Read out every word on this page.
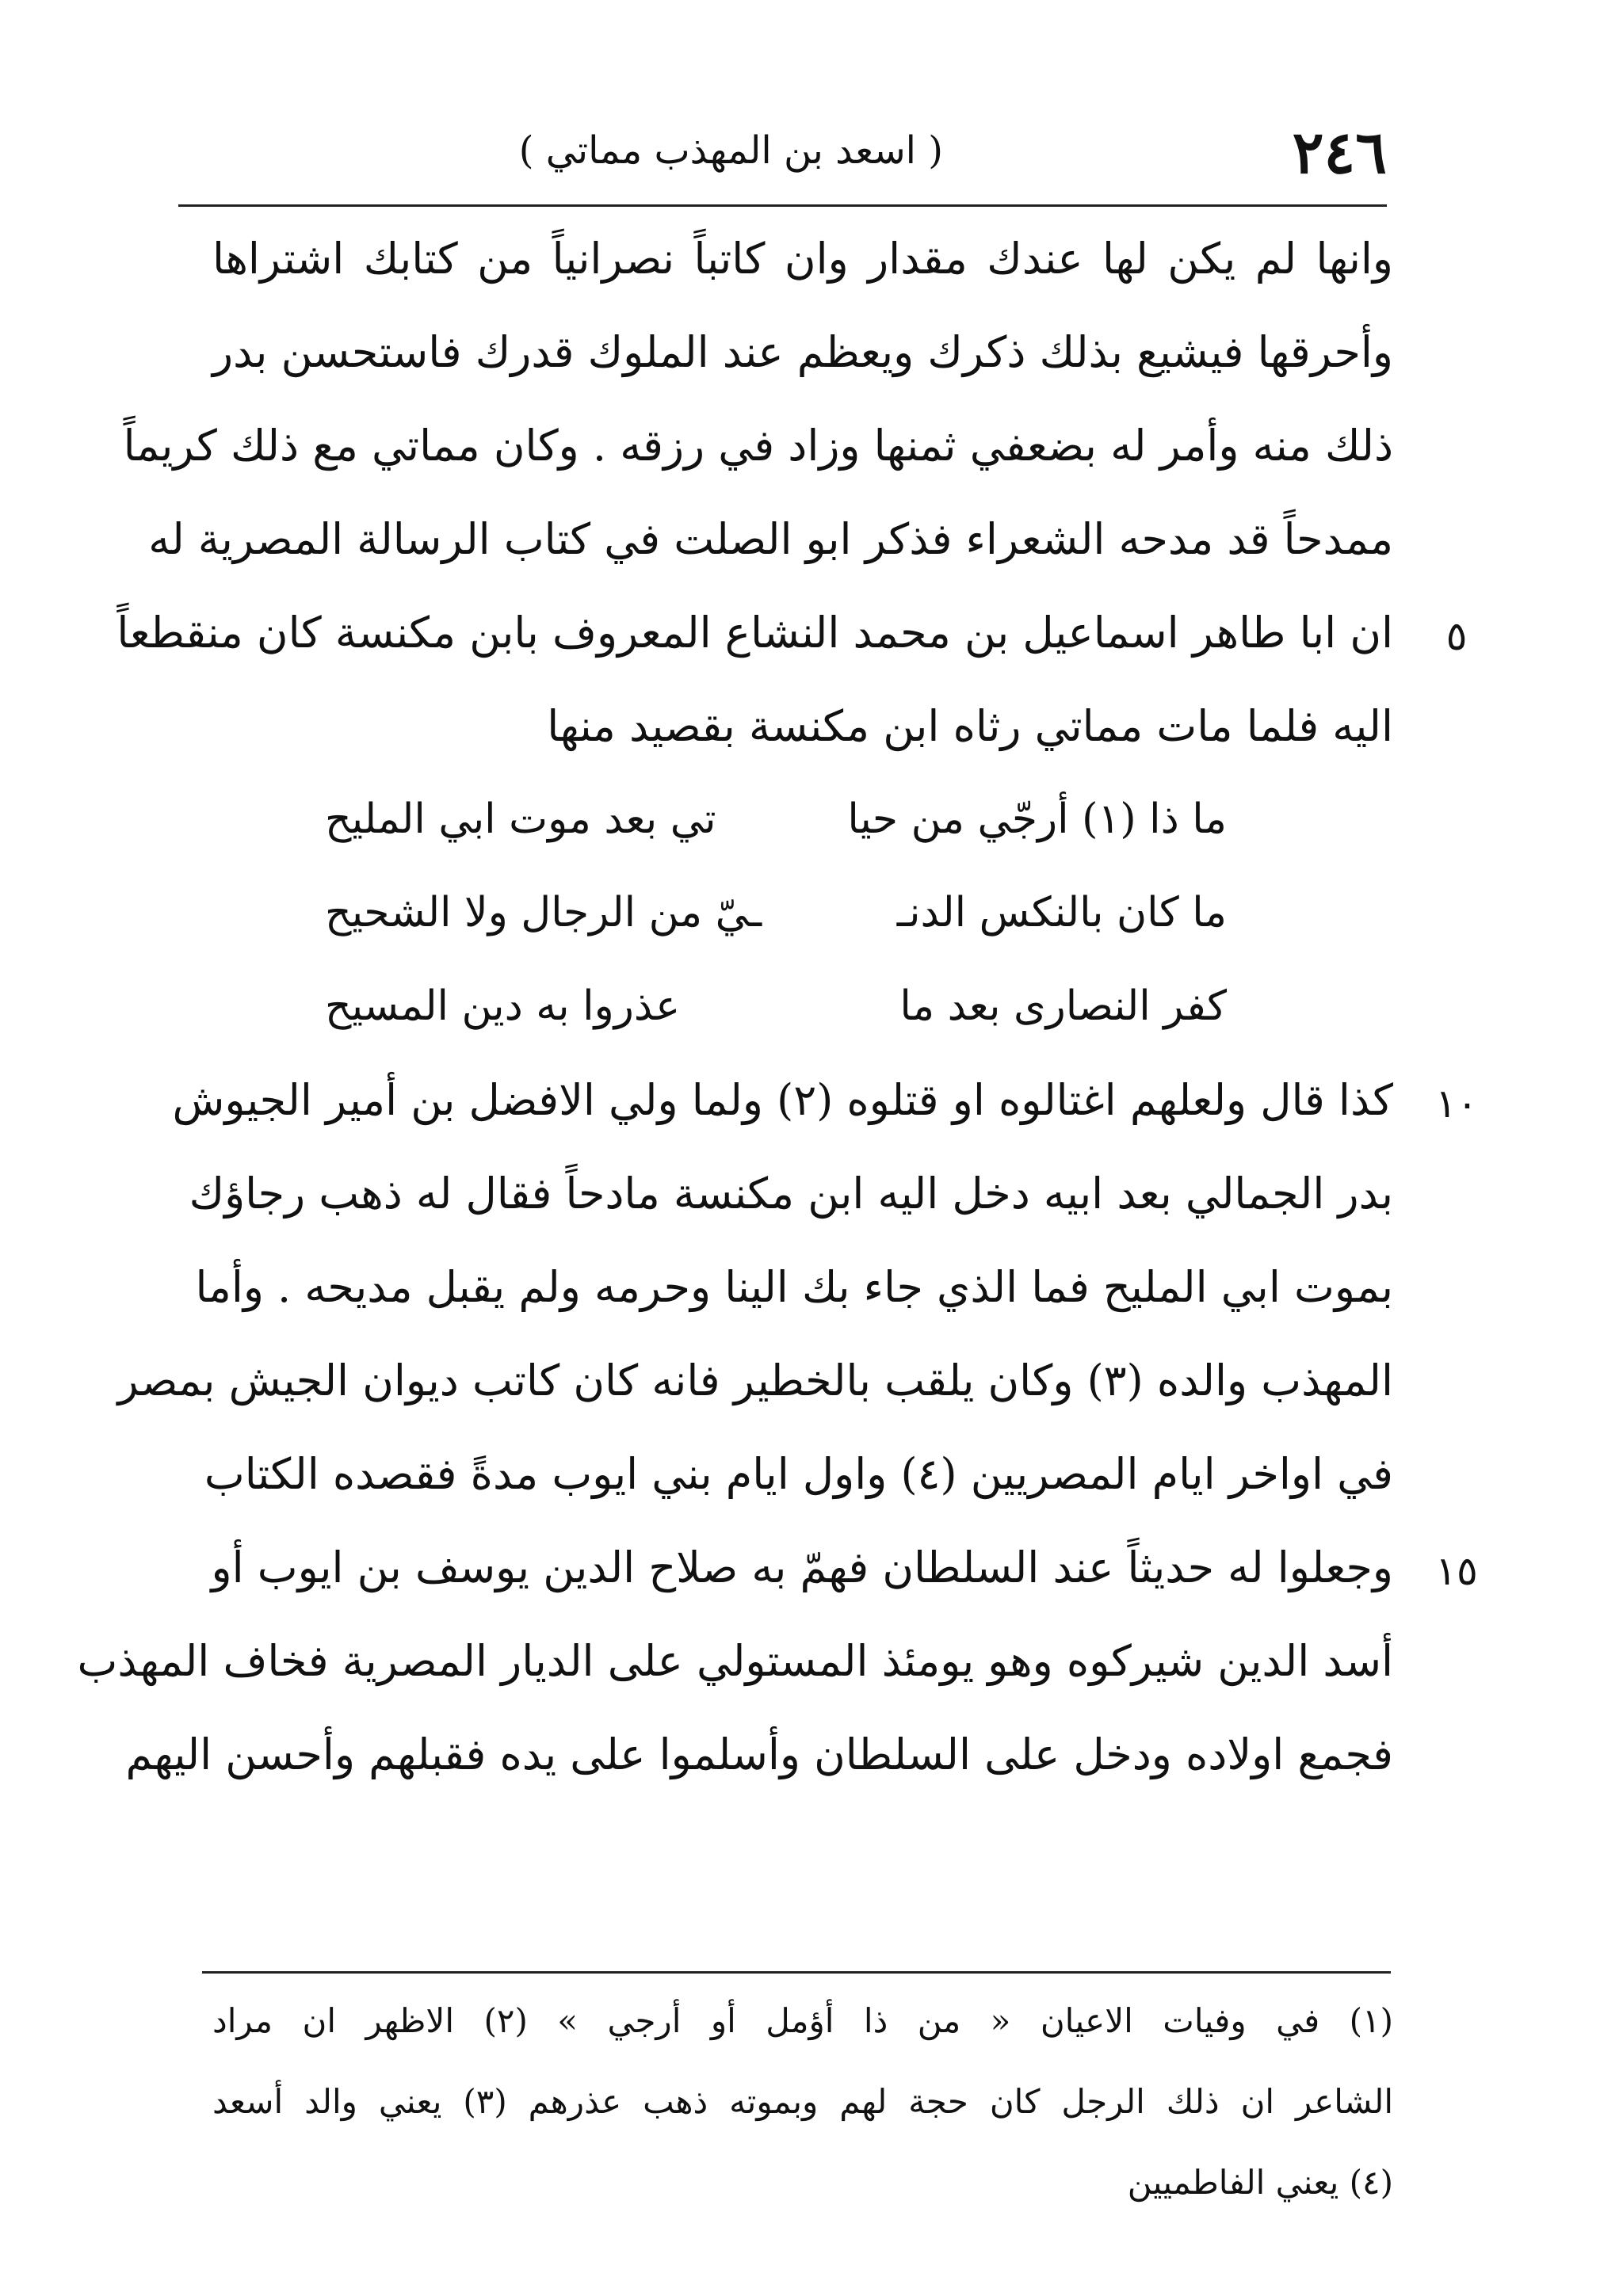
٢٤٦
( اسعد بن المهذب مماتي )
وانها لم يكن لها عندك مقدار وان كاتباً نصرانياً من كتابك اشتراها
وأحرقها فيشيع بذلك ذكرك ويعظم عند الملوك قدرك فاستحسن بدر
ذلك منه وأمر له بضعفي ثمنها وزاد في رزقه . وكان مماتي مع ذلك كريماً
ممدحاً قد مدحه الشعراء فذكر ابو الصلت في كتاب الرسالة المصرية له
٥
ان ابا طاهر اسماعيل بن محمد النشاع المعروف بابن مكنسة كان منقطعاً
اليه فلما مات مماتي رثاه ابن مكنسة بقصيد منها
ما ذا (١) أرجّي من حيا
تي بعد موت ابي المليح
ما كان بالنكس الدنـ
ـيّ من الرجال ولا الشحيح
كفر النصارى بعد ما
عذروا به دين المسيح
١٠
كذا قال ولعلهم اغتالوه او قتلوه (٢) ولما ولي الافضل بن أمير الجيوش
بدر الجمالي بعد ابيه دخل اليه ابن مكنسة مادحاً فقال له ذهب رجاؤك
بموت ابي المليح فما الذي جاء بك الينا وحرمه ولم يقبل مديحه . وأما
المهذب والده (٣) وكان يلقب بالخطير فانه كان كاتب ديوان الجيش بمصر
في اواخر ايام المصريين (٤) واول ايام بني ايوب مدةً فقصده الكتاب
١٥
وجعلوا له حديثاً عند السلطان فهمّ به صلاح الدين يوسف بن ايوب أو
أسد الدين شيركوه وهو يومئذ المستولي على الديار المصرية فخاف المهذب
فجمع اولاده ودخل على السلطان وأسلموا على يده فقبلهم وأحسن اليهم
(١) في وفيات الاعيان « من ذا أؤمل أو أرجي » (٢) الاظهر ان مراد
الشاعر ان ذلك الرجل كان حجة لهم وبموته ذهب عذرهم (٣) يعني والد أسعد
(٤) يعني الفاطميين
